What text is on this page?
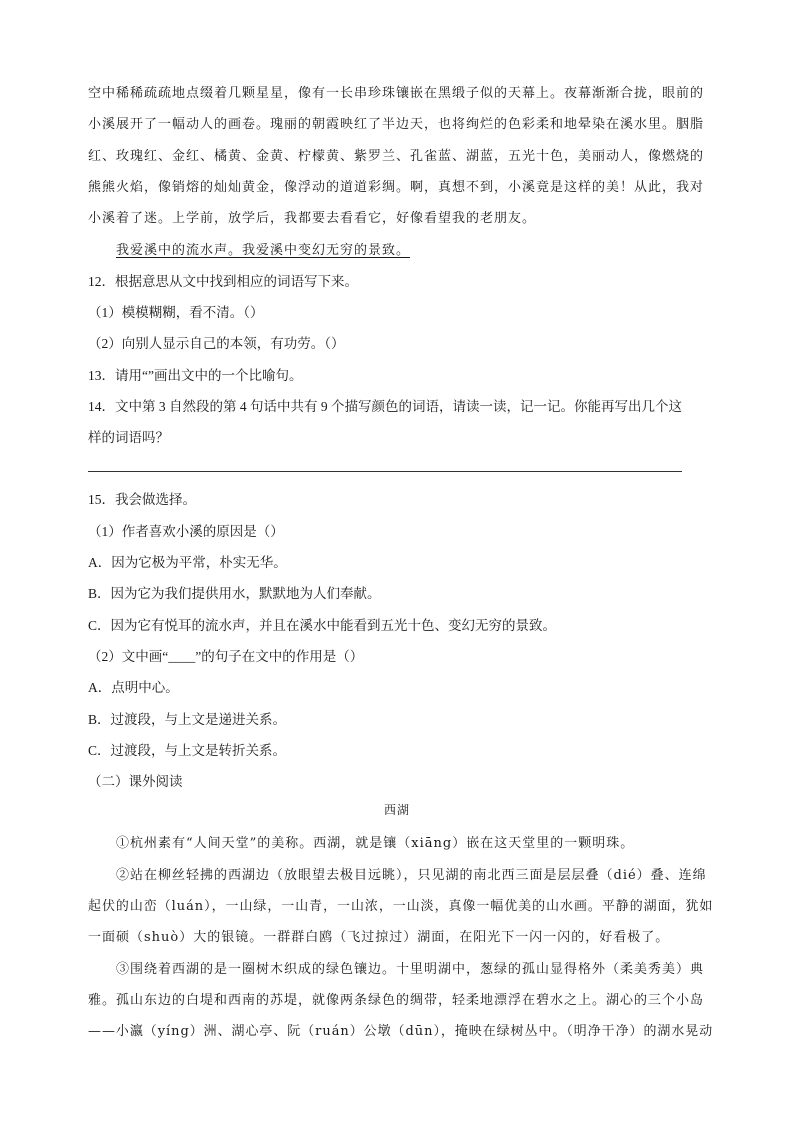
空中稀稀疏疏地点缀着几颗星星，像有一长串珍珠镶嵌在黑缎子似的天幕上。夜幕渐渐合拢，眼前的
小溪展开了一幅动人的画卷。瑰丽的朝霞映红了半边天，也将绚烂的色彩柔和地晕染在溪水里。胭脂
红、玫瑰红、金红、橘黄、金黄、柠檬黄、紫罗兰、孔雀蓝、湖蓝，五光十色，美丽动人，像燃烧的
熊熊火焰，像销熔的灿灿黄金，像浮动的道道彩绸。啊，真想不到，小溪竟是这样的美！从此，我对
小溪着了迷。上学前，放学后，我都要去看看它，好像看望我的老朋友。
我爱溪中的流水声。我爱溪中变幻无穷的景致。
12．根据意思从文中找到相应的词语写下来。
（1）模模糊糊，看不清。（）
（2）向别人显示自己的本领，有功劳。（）
13．请用“”画出文中的一个比喻句。
14．文中第 3 自然段的第 4 句话中共有 9 个描写颜色的词语，请读一读，记一记。你能再写出几个这
样的词语吗？
15．我会做选择。
（1）作者喜欢小溪的原因是（）
A．因为它极为平常，朴实无华。
B．因为它为我们提供用水，默默地为人们奉献。
C．因为它有悦耳的流水声，并且在溪水中能看到五光十色、变幻无穷的景致。
（2）文中画“____”的句子在文中的作用是（）
A．点明中心。
B．过渡段，与上文是递进关系。
C．过渡段，与上文是转折关系。
（二）课外阅读
西湖
①杭州素有“人间天堂”的美称。西湖，就是镶（xiāng）嵌在这天堂里的一颗明珠。
②站在柳丝轻拂的西湖边（放眼望去极目远眺），只见湖的南北西三面是层层叠（dié）叠、连绵
起伏的山峦（luán），一山绿，一山青，一山浓，一山淡，真像一幅优美的山水画。平静的湖面，犹如
一面硕（shuò）大的银镜。一群群白鸥（飞过掠过）湖面，在阳光下一闪一闪的，好看极了。
③围绕着西湖的是一圈树木织成的绿色镶边。十里明湖中，葱绿的孤山显得格外（柔美秀美）典
雅。孤山东边的白堤和西南的苏堤，就像两条绿色的绸带，轻柔地漂浮在碧水之上。湖心的三个小岛
——小瀛（yíng）洲、湖心亭、阮（ruán）公墩（dūn），掩映在绿树丛中。（明净干净）的湖水晃动
